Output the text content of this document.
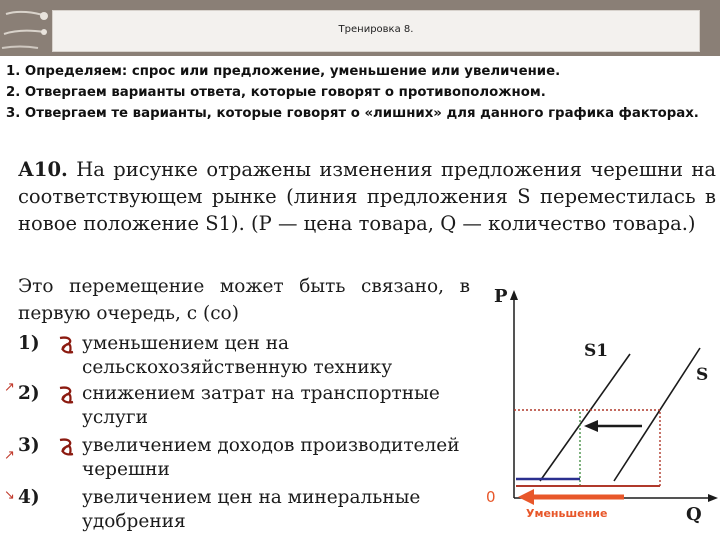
Тренировка 8.
1. Определяем: спрос или предложение, уменьшение или увеличение.
2. Отвергаем варианты ответа, которые говорят о противоположном.
3. Отвергаем те варианты, которые говорят о «лишних» для данного графика факторах.
А10. На рисунке отражены изменения предложения черешни на соответствующем рынке (линия предложения S переместилась в новое положение S1). (P — цена товара, Q — количество товара.)
Это перемещение может быть связано, в первую очередь, с (со)
1) уменьшением цен на сельскохозяйственную технику
2) снижением затрат на транспортные услуги
3) увеличением доходов производителей черешни
4) увеличением цен на минеральные удобрения
↗
↗
↘
P
Q
S1
S
0
Уменьшение
